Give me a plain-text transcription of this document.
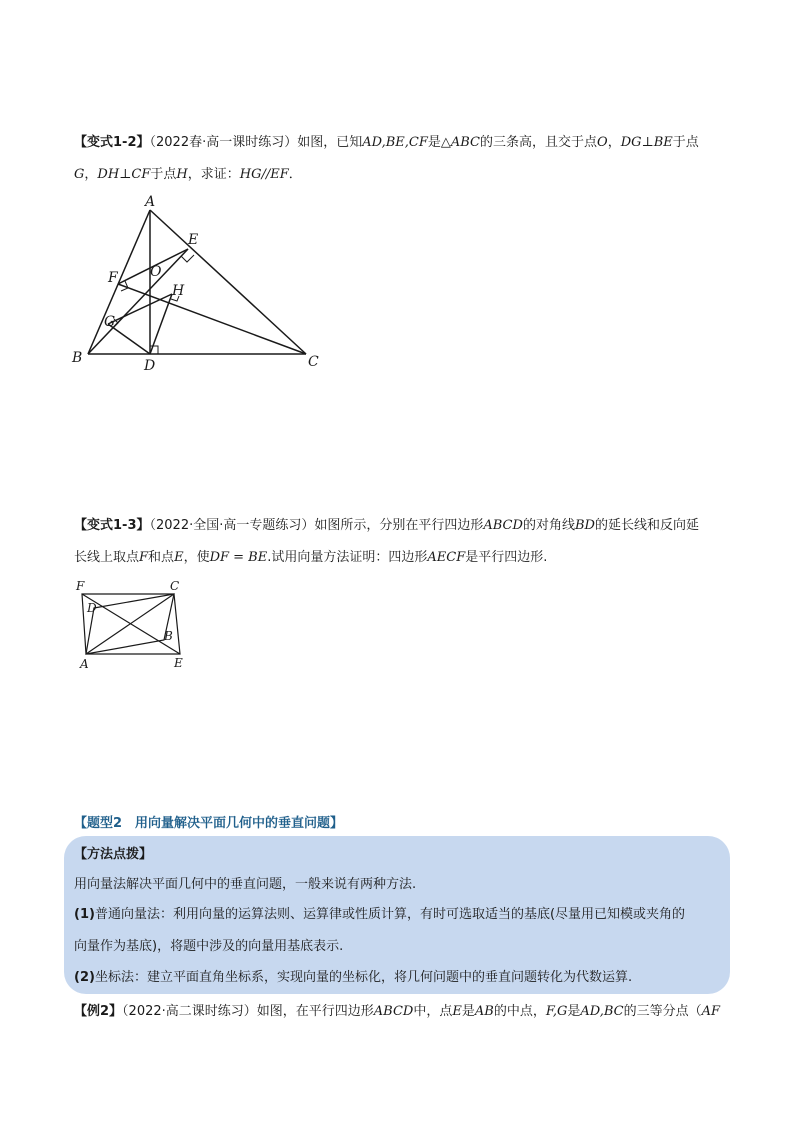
【变式1-2】（2022春·高一课时练习）如图，已知AD,BE,CF是△ABC的三条高，且交于点O，DG⊥BE于点
G，DH⊥CF于点H，求证：HG//EF．
A
B	C
D
E
F
G
H
O
【变式1-3】（2022·全国·高一专题练习）如图所示，分别在平行四边形ABCD的对角线BD的延长线和反向延
长线上取点F和点E，使DF = BE.试用向量方法证明：四边形AECF是平行四边形.
F	C
D
B
A	E
【题型2　用向量解决平面几何中的垂直问题】
【方法点拨】
用向量法解决平面几何中的垂直问题，一般来说有两种方法.
(1)普通向量法：利用向量的运算法则、运算律或性质计算，有时可选取适当的基底(尽量用已知模或夹角的
向量作为基底)，将题中涉及的向量用基底表示.
(2)坐标法：建立平面直角坐标系，实现向量的坐标化，将几何问题中的垂直问题转化为代数运算.
【例2】（2022·高二课时练习）如图，在平行四边形ABCD中，点E是AB的中点，F,G是AD,BC的三等分点（AF
